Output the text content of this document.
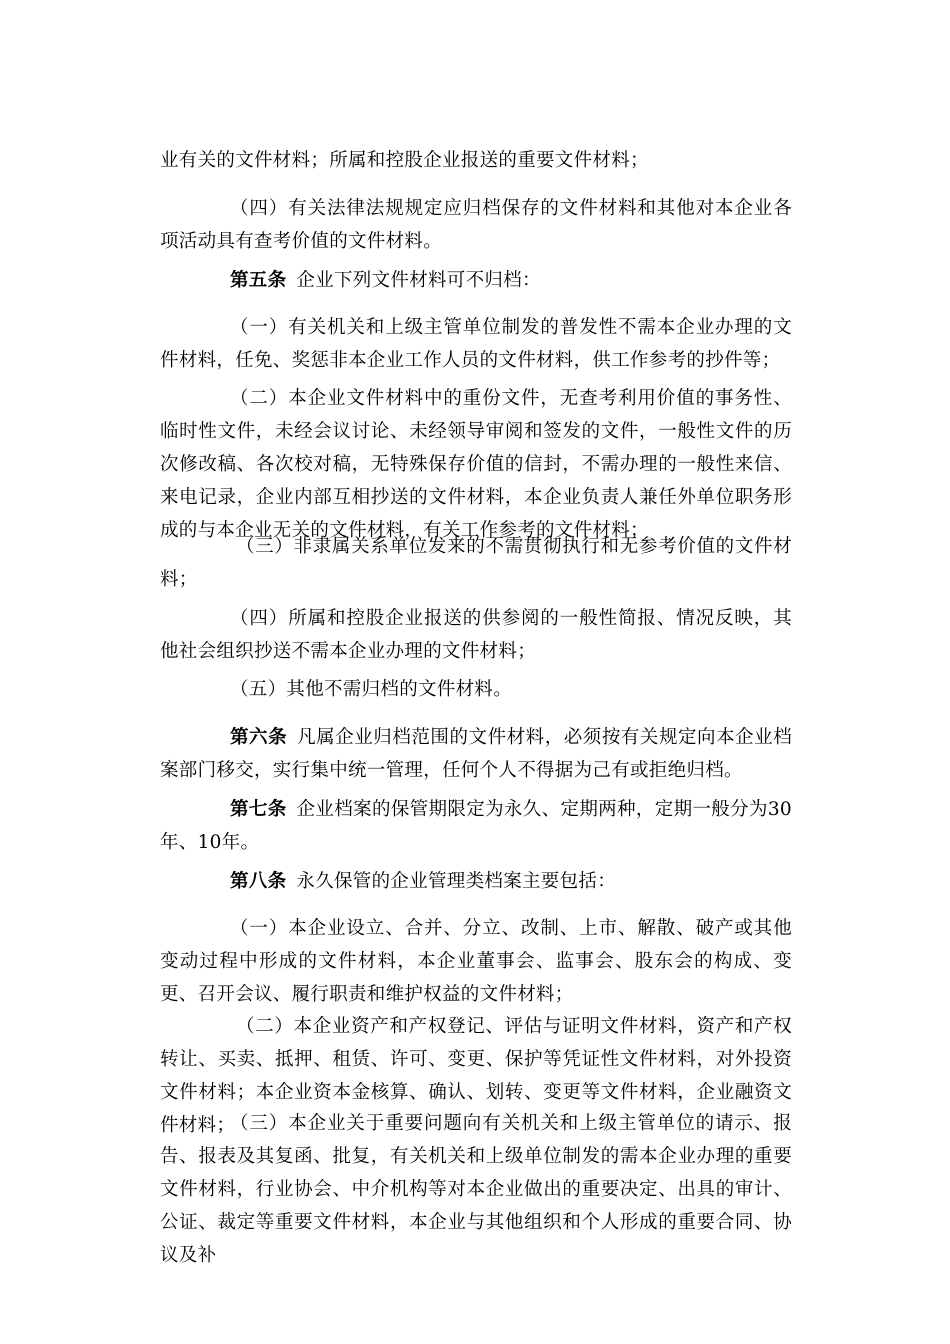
业有关的文件材料；所属和控股企业报送的重要文件材料；

（四）有关法律法规规定应归档保存的文件材料和其他对本企业各项活动具有查考价值的文件材料。

第五条 企业下列文件材料可不归档：

（一）有关机关和上级主管单位制发的普发性不需本企业办理的文件材料，任免、奖惩非本企业工作人员的文件材料，供工作参考的抄件等；

（二）本企业文件材料中的重份文件，无查考利用价值的事务性、临时性文件，未经会议讨论、未经领导审阅和签发的文件，一般性文件的历次修改稿、各次校对稿，无特殊保存价值的信封，不需办理的一般性来信、来电记录，企业内部互相抄送的文件材料，本企业负责人兼任外单位职务形成的与本企业无关的文件材料，有关工作参考的文件材料；

（三）非隶属关系单位发来的不需贯彻执行和无参考价值的文件材料；

（四）所属和控股企业报送的供参阅的一般性简报、情况反映，其他社会组织抄送不需本企业办理的文件材料；

（五）其他不需归档的文件材料。

第六条 凡属企业归档范围的文件材料，必须按有关规定向本企业档案部门移交，实行集中统一管理，任何个人不得据为己有或拒绝归档。

第七条 企业档案的保管期限定为永久、定期两种，定期一般分为30年、10年。

第八条 永久保管的企业管理类档案主要包括：

（一）本企业设立、合并、分立、改制、上市、解散、破产或其他变动过程中形成的文件材料，本企业董事会、监事会、股东会的构成、变更、召开会议、履行职责和维护权益的文件材料；

（二）本企业资产和产权登记、评估与证明文件材料，资产和产权转让、买卖、抵押、租赁、许可、变更、保护等凭证性文件材料，对外投资文件材料；本企业资本金核算、确认、划转、变更等文件材料，企业融资文件材料；

（三）本企业关于重要问题向有关机关和上级主管单位的请示、报告、报表及其复函、批复，有关机关和上级单位制发的需本企业办理的重要文件材料，行业协会、中介机构等对本企业做出的重要决定、出具的审计、公证、裁定等重要文件材料，本企业与其他组织和个人形成的重要合同、协议及补
